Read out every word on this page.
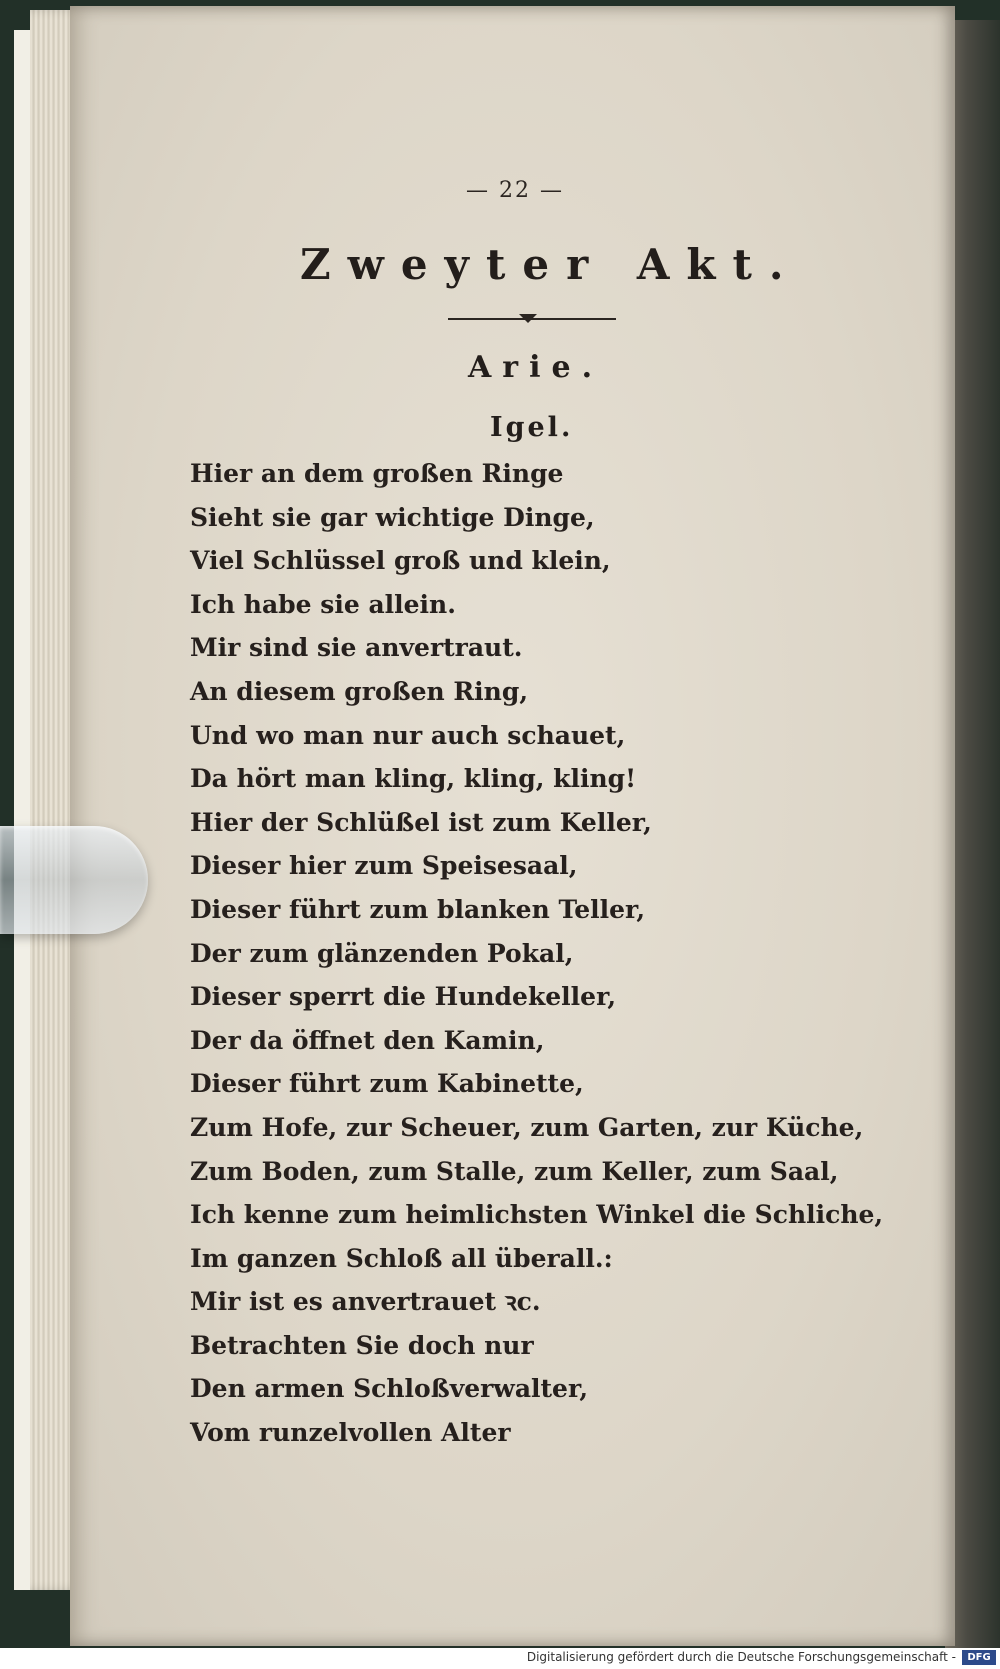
— 22 —
Zweyter Akt.
Arie.
Igel.
Hier an dem großen Ringe
Sieht sie gar wichtige Dinge,
Viel Schlüssel groß und klein,
Ich habe sie allein.
Mir sind sie anvertraut.
An diesem großen Ring,
Und wo man nur auch schauet,
Da hört man kling, kling, kling!
Hier der Schlüßel ist zum Keller,
Dieser hier zum Speisesaal,
Dieser führt zum blanken Teller,
Der zum glänzenden Pokal,
Dieser sperrt die Hundekeller,
Der da öffnet den Kamin,
Dieser führt zum Kabinette,
Zum Hofe, zur Scheuer, zum Garten, zur Küche,
Zum Boden, zum Stalle, zum Keller, zum Saal,
Ich kenne zum heimlichsten Winkel die Schliche,
Im ganzen Schloß all überall.:
Mir ist es anvertrauet ꝛc.
Betrachten Sie doch nur
Den armen Schloßverwalter,
Vom runzelvollen Alter
Digitalisierung gefördert durch die Deutsche Forschungsgemeinschaft -	DFG
